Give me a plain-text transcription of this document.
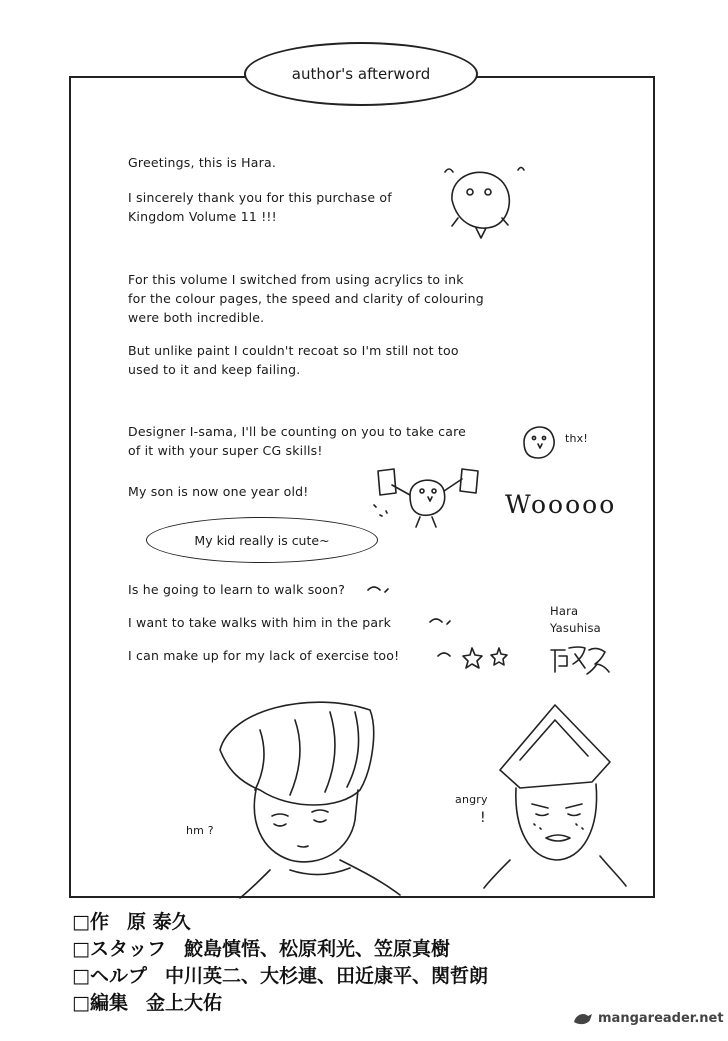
author's afterword
Greetings, this is Hara.
I sincerely thank you for this purchase of
Kingdom Volume 11 !!!
For this volume I switched from using acrylics to ink
for the colour pages, the speed and clarity of colouring
were both incredible.
But unlike paint I couldn't recoat so I'm still not too
used to it and keep failing.
Designer I-sama, I'll be counting on you to take care
of it with your super CG skills!
My son is now one year old!
My kid really is cute~
Is he going to learn to walk soon?
I want to take walks with him in the park
I can make up for my lack of exercise too!
thx!
Wooooo
Hara
Yasuhisa
hm ?
angry
!
□作 原 泰久
□スタッフ 鮫島慎悟、松原利光、笠原真樹
□ヘルプ 中川英二、大杉連、田近康平、関哲朗
□編集 金上大佑
mangareader.net
